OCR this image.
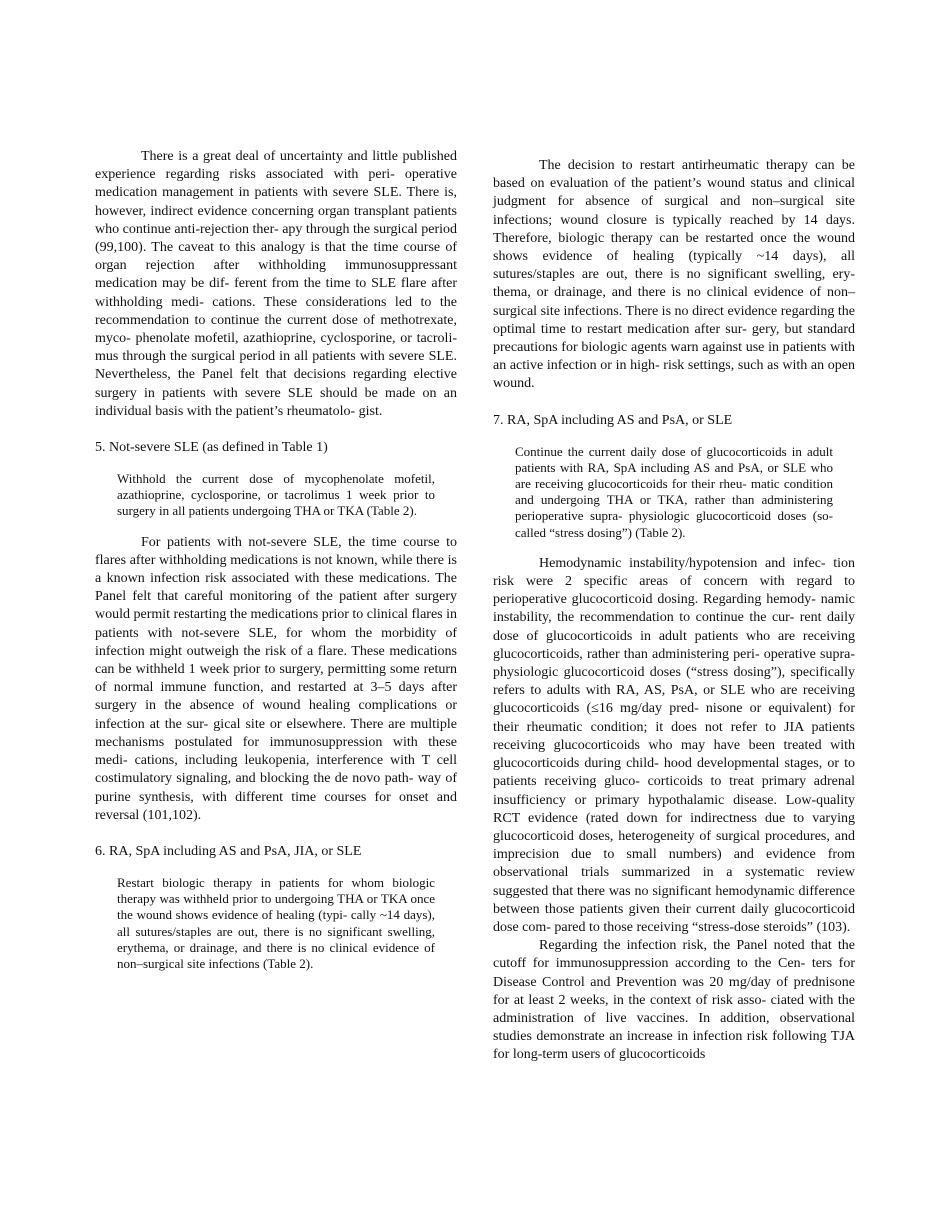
There is a great deal of uncertainty and little published experience regarding risks associated with peri- operative medication management in patients with severe SLE. There is, however, indirect evidence concerning organ transplant patients who continue anti-rejection ther- apy through the surgical period (99,100). The caveat to this analogy is that the time course of organ rejection after withholding immunosuppressant medication may be dif- ferent from the time to SLE flare after withholding medi- cations. These considerations led to the recommendation to continue the current dose of methotrexate, myco- phenolate mofetil, azathioprine, cyclosporine, or tacroli- mus through the surgical period in all patients with severe SLE. Nevertheless, the Panel felt that decisions regarding elective surgery in patients with severe SLE should be made on an individual basis with the patient’s rheumatolo- gist.

5. Not-severe SLE (as defined in Table 1)

Withhold the current dose of mycophenolate mofetil, azathioprine, cyclosporine, or tacrolimus 1 week prior to surgery in all patients undergoing THA or TKA (Table 2).

For patients with not-severe SLE, the time course to flares after withholding medications is not known, while there is a known infection risk associated with these medications. The Panel felt that careful monitoring of the patient after surgery would permit restarting the medications prior to clinical flares in patients with not-severe SLE, for whom the morbidity of infection might outweigh the risk of a flare. These medications can be withheld 1 week prior to surgery, permitting some return of normal immune function, and restarted at 3–5 days after surgery in the absence of wound healing complications or infection at the sur- gical site or elsewhere. There are multiple mechanisms postulated for immunosuppression with these medi- cations, including leukopenia, interference with T cell costimulatory signaling, and blocking the de novo path- way of purine synthesis, with different time courses for onset and reversal (101,102).

6. RA, SpA including AS and PsA, JIA, or SLE

Restart biologic therapy in patients for whom biologic therapy was withheld prior to undergoing THA or TKA once the wound shows evidence of healing (typi- cally ~14 days), all sutures/staples are out, there is no significant swelling, erythema, or drainage, and there is no clinical evidence of non–surgical site infections (Table 2).

The decision to restart antirheumatic therapy can be based on evaluation of the patient’s wound status and clinical judgment for absence of surgical and non–surgical site infections; wound closure is typically reached by 14 days. Therefore, biologic therapy can be restarted once the wound shows evidence of healing (typically ~14 days), all sutures/staples are out, there is no significant swelling, ery- thema, or drainage, and there is no clinical evidence of non–surgical site infections. There is no direct evidence regarding the optimal time to restart medication after sur- gery, but standard precautions for biologic agents warn against use in patients with an active infection or in high- risk settings, such as with an open wound.

7. RA, SpA including AS and PsA, or SLE

Continue the current daily dose of glucocorticoids in adult patients with RA, SpA including AS and PsA, or SLE who are receiving glucocorticoids for their rheu- matic condition and undergoing THA or TKA, rather than administering perioperative supra- physiologic glucocorticoid doses (so-called “stress dosing”) (Table 2).

Hemodynamic instability/hypotension and infec- tion risk were 2 specific areas of concern with regard to perioperative glucocorticoid dosing. Regarding hemody- namic instability, the recommendation to continue the cur- rent daily dose of glucocorticoids in adult patients who are receiving glucocorticoids, rather than administering peri- operative supra-physiologic glucocorticoid doses (“stress dosing”), specifically refers to adults with RA, AS, PsA, or SLE who are receiving glucocorticoids (≤16 mg/day pred- nisone or equivalent) for their rheumatic condition; it does not refer to JIA patients receiving glucocorticoids who may have been treated with glucocorticoids during child- hood developmental stages, or to patients receiving gluco- corticoids to treat primary adrenal insufficiency or primary hypothalamic disease. Low-quality RCT evidence (rated down for indirectness due to varying glucocorticoid doses, heterogeneity of surgical procedures, and imprecision due to small numbers) and evidence from observational trials summarized in a systematic review suggested that there was no significant hemodynamic difference between those patients given their current daily glucocorticoid dose com- pared to those receiving “stress-dose steroids” (103).

Regarding the infection risk, the Panel noted that the cutoff for immunosuppression according to the Cen- ters for Disease Control and Prevention was 20 mg/day of prednisone for at least 2 weeks, in the context of risk asso- ciated with the administration of live vaccines. In addition, observational studies demonstrate an increase in infection risk following TJA for long-term users of glucocorticoids
